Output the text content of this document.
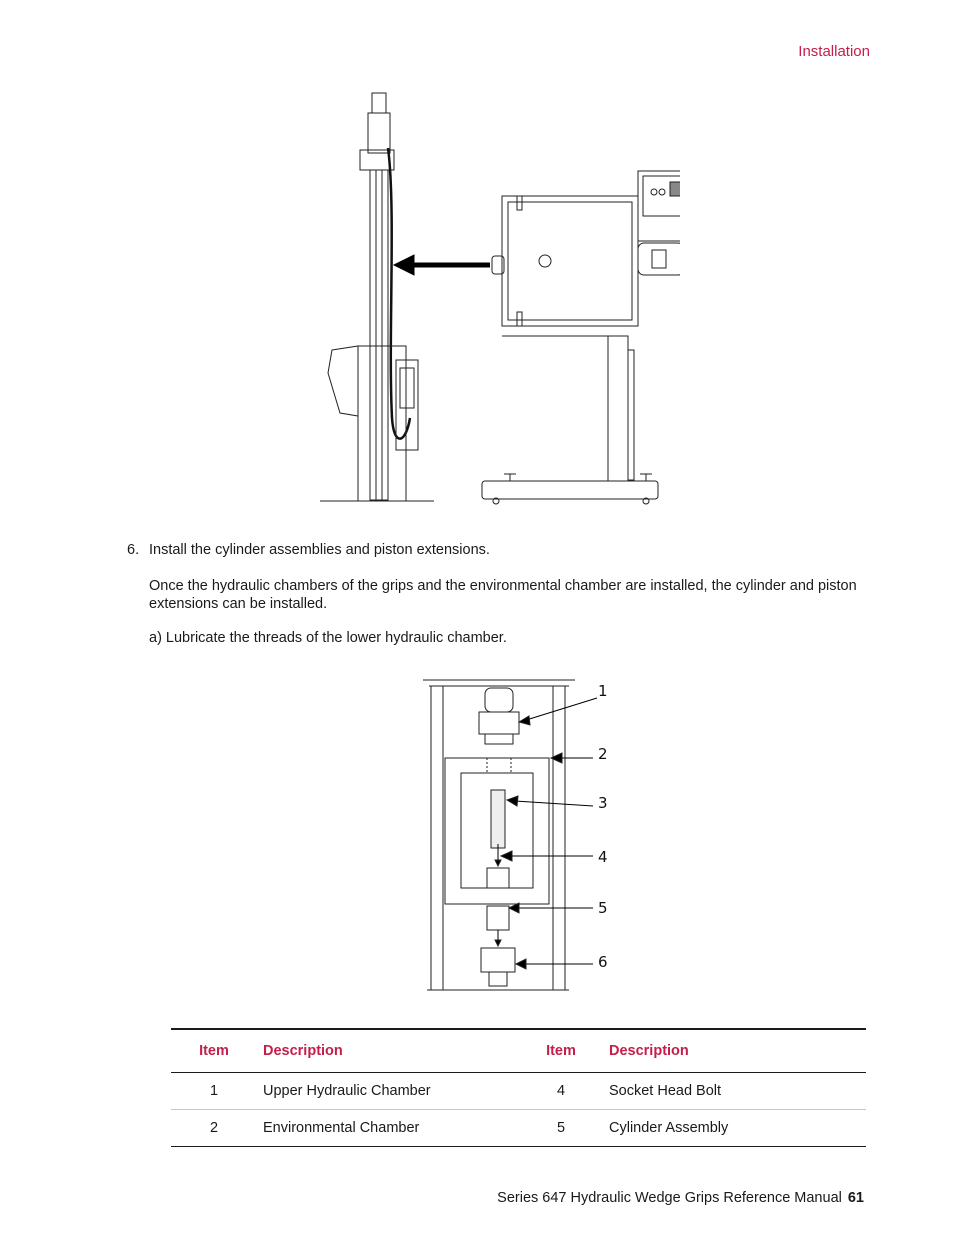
Installation
6. Install the cylinder assemblies and piston extensions.
Once the hydraulic chambers of the grips and the environmental chamber are installed, the cylinder and piston extensions can be installed.
a) Lubricate the threads of the lower hydraulic chamber.
1
2
3
4
5
6
Item	Description	Item	Description
1	Upper Hydraulic Chamber	4	Socket Head Bolt
2	Environmental Chamber	5	Cylinder Assembly
Series 647 Hydraulic Wedge Grips Reference Manual 61
